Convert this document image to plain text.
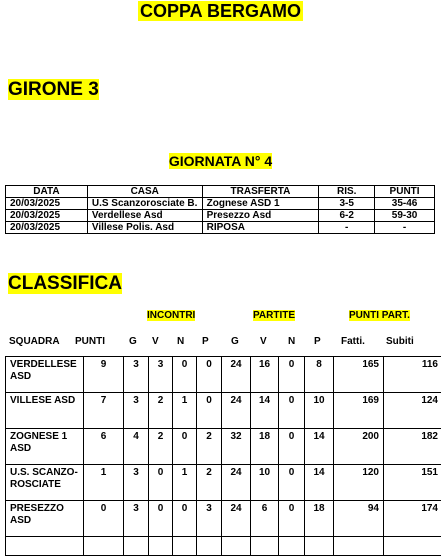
COPPA BERGAMO
GIRONE 3
GIORNATA N° 4
DATA	CASA	TRASFERTA	RIS.	PUNTI
20/03/2025	U.S Scanzorosciate B.	Zognese ASD 1	3-5	35-46
20/03/2025	Verdellese Asd	Presezzo Asd	6-2	59-30
20/03/2025	Villese Polis. Asd	RIPOSA	-	-
CLASSIFICA
INCONTRI	PARTITE	PUNTI PART.
SQUADRA PUNTI G V N P G V N P Fatti. Subiti
VERDELLESE ASD	9	3	3	0	0	24	16	0	8	165	116
VILLESE ASD	7	3	2	1	0	24	14	0	10	169	124
ZOGNESE 1 ASD	6	4	2	0	2	32	18	0	14	200	182
U.S. SCANZO-ROSCIATE	1	3	0	1	2	24	10	0	14	120	151
PRESEZZO ASD	0	3	0	0	3	24	6	0	18	94	174
